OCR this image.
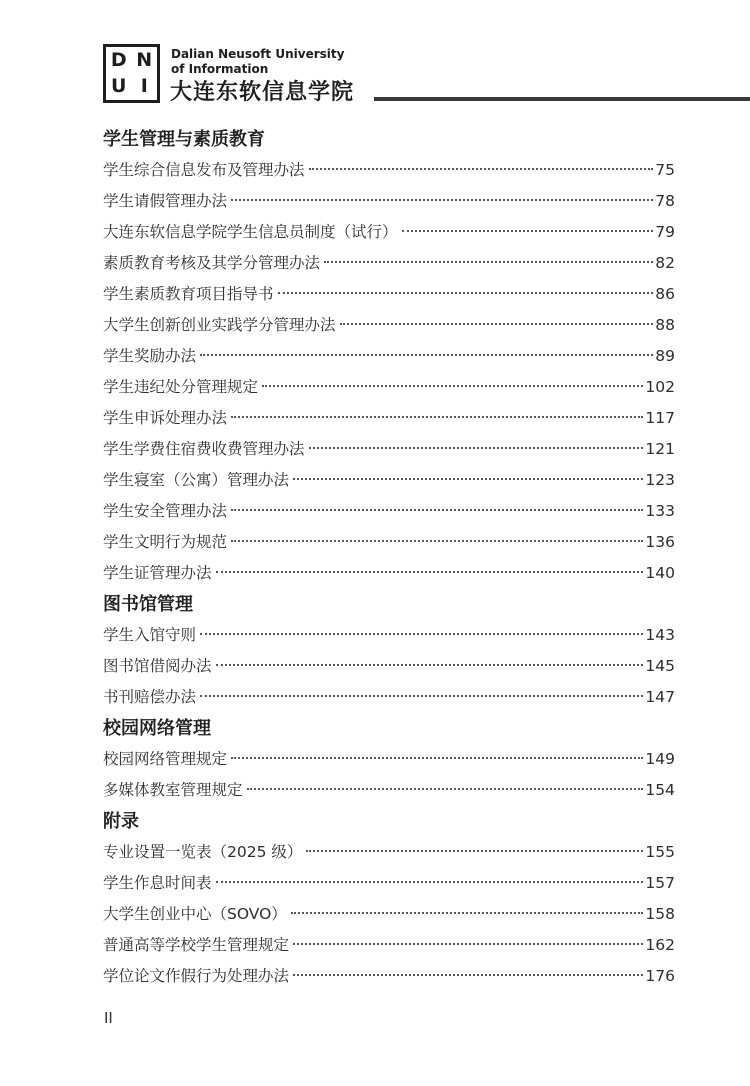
D N
U I
Dalian Neusoft University
of Information
大连东软信息学院
学生管理与素质教育
学生综合信息发布及管理办法	75
学生请假管理办法	78
大连东软信息学院学生信息员制度（试行）	79
素质教育考核及其学分管理办法	82
学生素质教育项目指导书	86
大学生创新创业实践学分管理办法	88
学生奖励办法	89
学生违纪处分管理规定	102
学生申诉处理办法	117
学生学费住宿费收费管理办法	121
学生寝室（公寓）管理办法	123
学生安全管理办法	133
学生文明行为规范	136
学生证管理办法	140
图书馆管理
学生入馆守则	143
图书馆借阅办法	145
书刊赔偿办法	147
校园网络管理
校园网络管理规定	149
多媒体教室管理规定	154
附录
专业设置一览表（2025 级）	155
学生作息时间表	157
大学生创业中心（SOVO）	158
普通高等学校学生管理规定	162
学位论文作假行为处理办法	176
II
